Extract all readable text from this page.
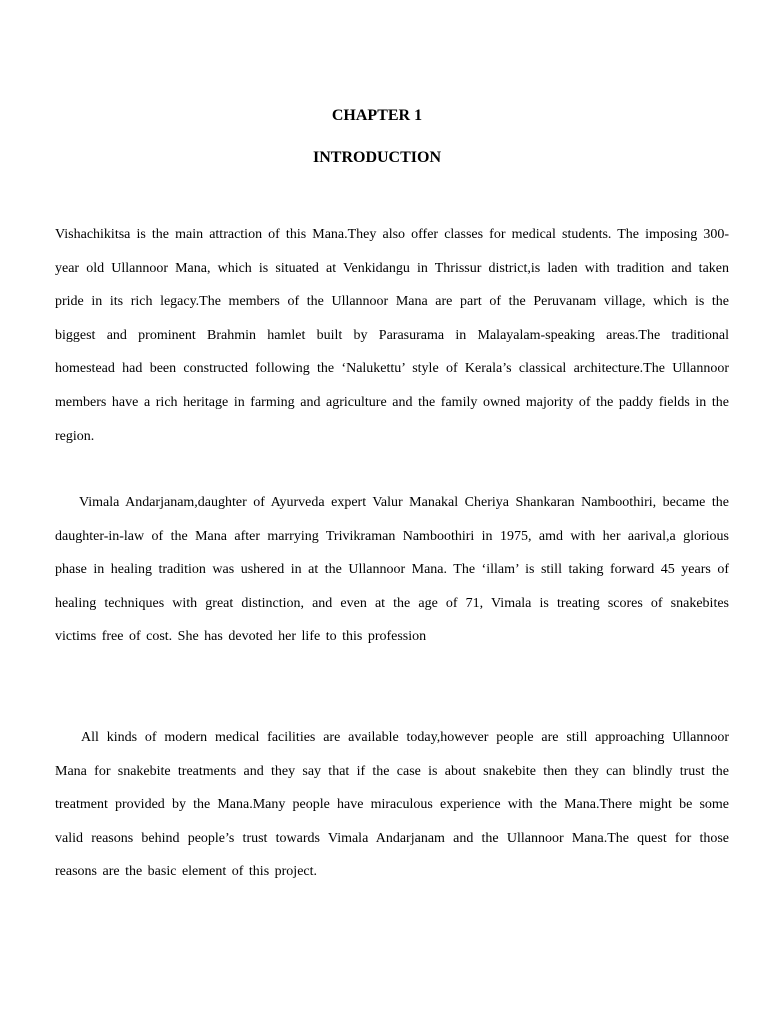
CHAPTER 1
INTRODUCTION

Vishachikitsa is the main attraction of this Mana.They also offer classes for medical students. The imposing 300-year old Ullannoor Mana, which is situated at Venkidangu in Thrissur district,is laden with tradition and taken pride in its rich legacy.The members of the Ullannoor Mana are part of the Peruvanam village, which is the biggest and prominent Brahmin hamlet built by Parasurama in Malayalam-speaking areas.The traditional homestead had been constructed following the ‘Nalukettu’ style of Kerala’s classical architecture.The Ullannoor members have a rich heritage in farming and agriculture and the family owned majority of the paddy fields in the region.

Vimala Andarjanam,daughter of Ayurveda expert Valur Manakal Cheriya Shankaran Namboothiri, became the daughter-in-law of the Mana after marrying Trivikraman Namboothiri in 1975, amd with her aarival,a glorious phase in healing tradition was ushered in at the Ullannoor Mana. The ‘illam’ is still taking forward 45 years of healing techniques with great distinction, and even at the age of 71, Vimala is treating scores of snakebites victims free of cost. She has devoted her life to this profession

All kinds of modern medical facilities are available today,however people are still approaching Ullannoor Mana for snakebite treatments and they say that if the case is about snakebite then they can blindly trust the treatment provided by the Mana.Many people have miraculous experience with the Mana.There might be some valid reasons behind people’s trust towards Vimala Andarjanam and the Ullannoor Mana.The quest for those reasons are the basic element of this project.
